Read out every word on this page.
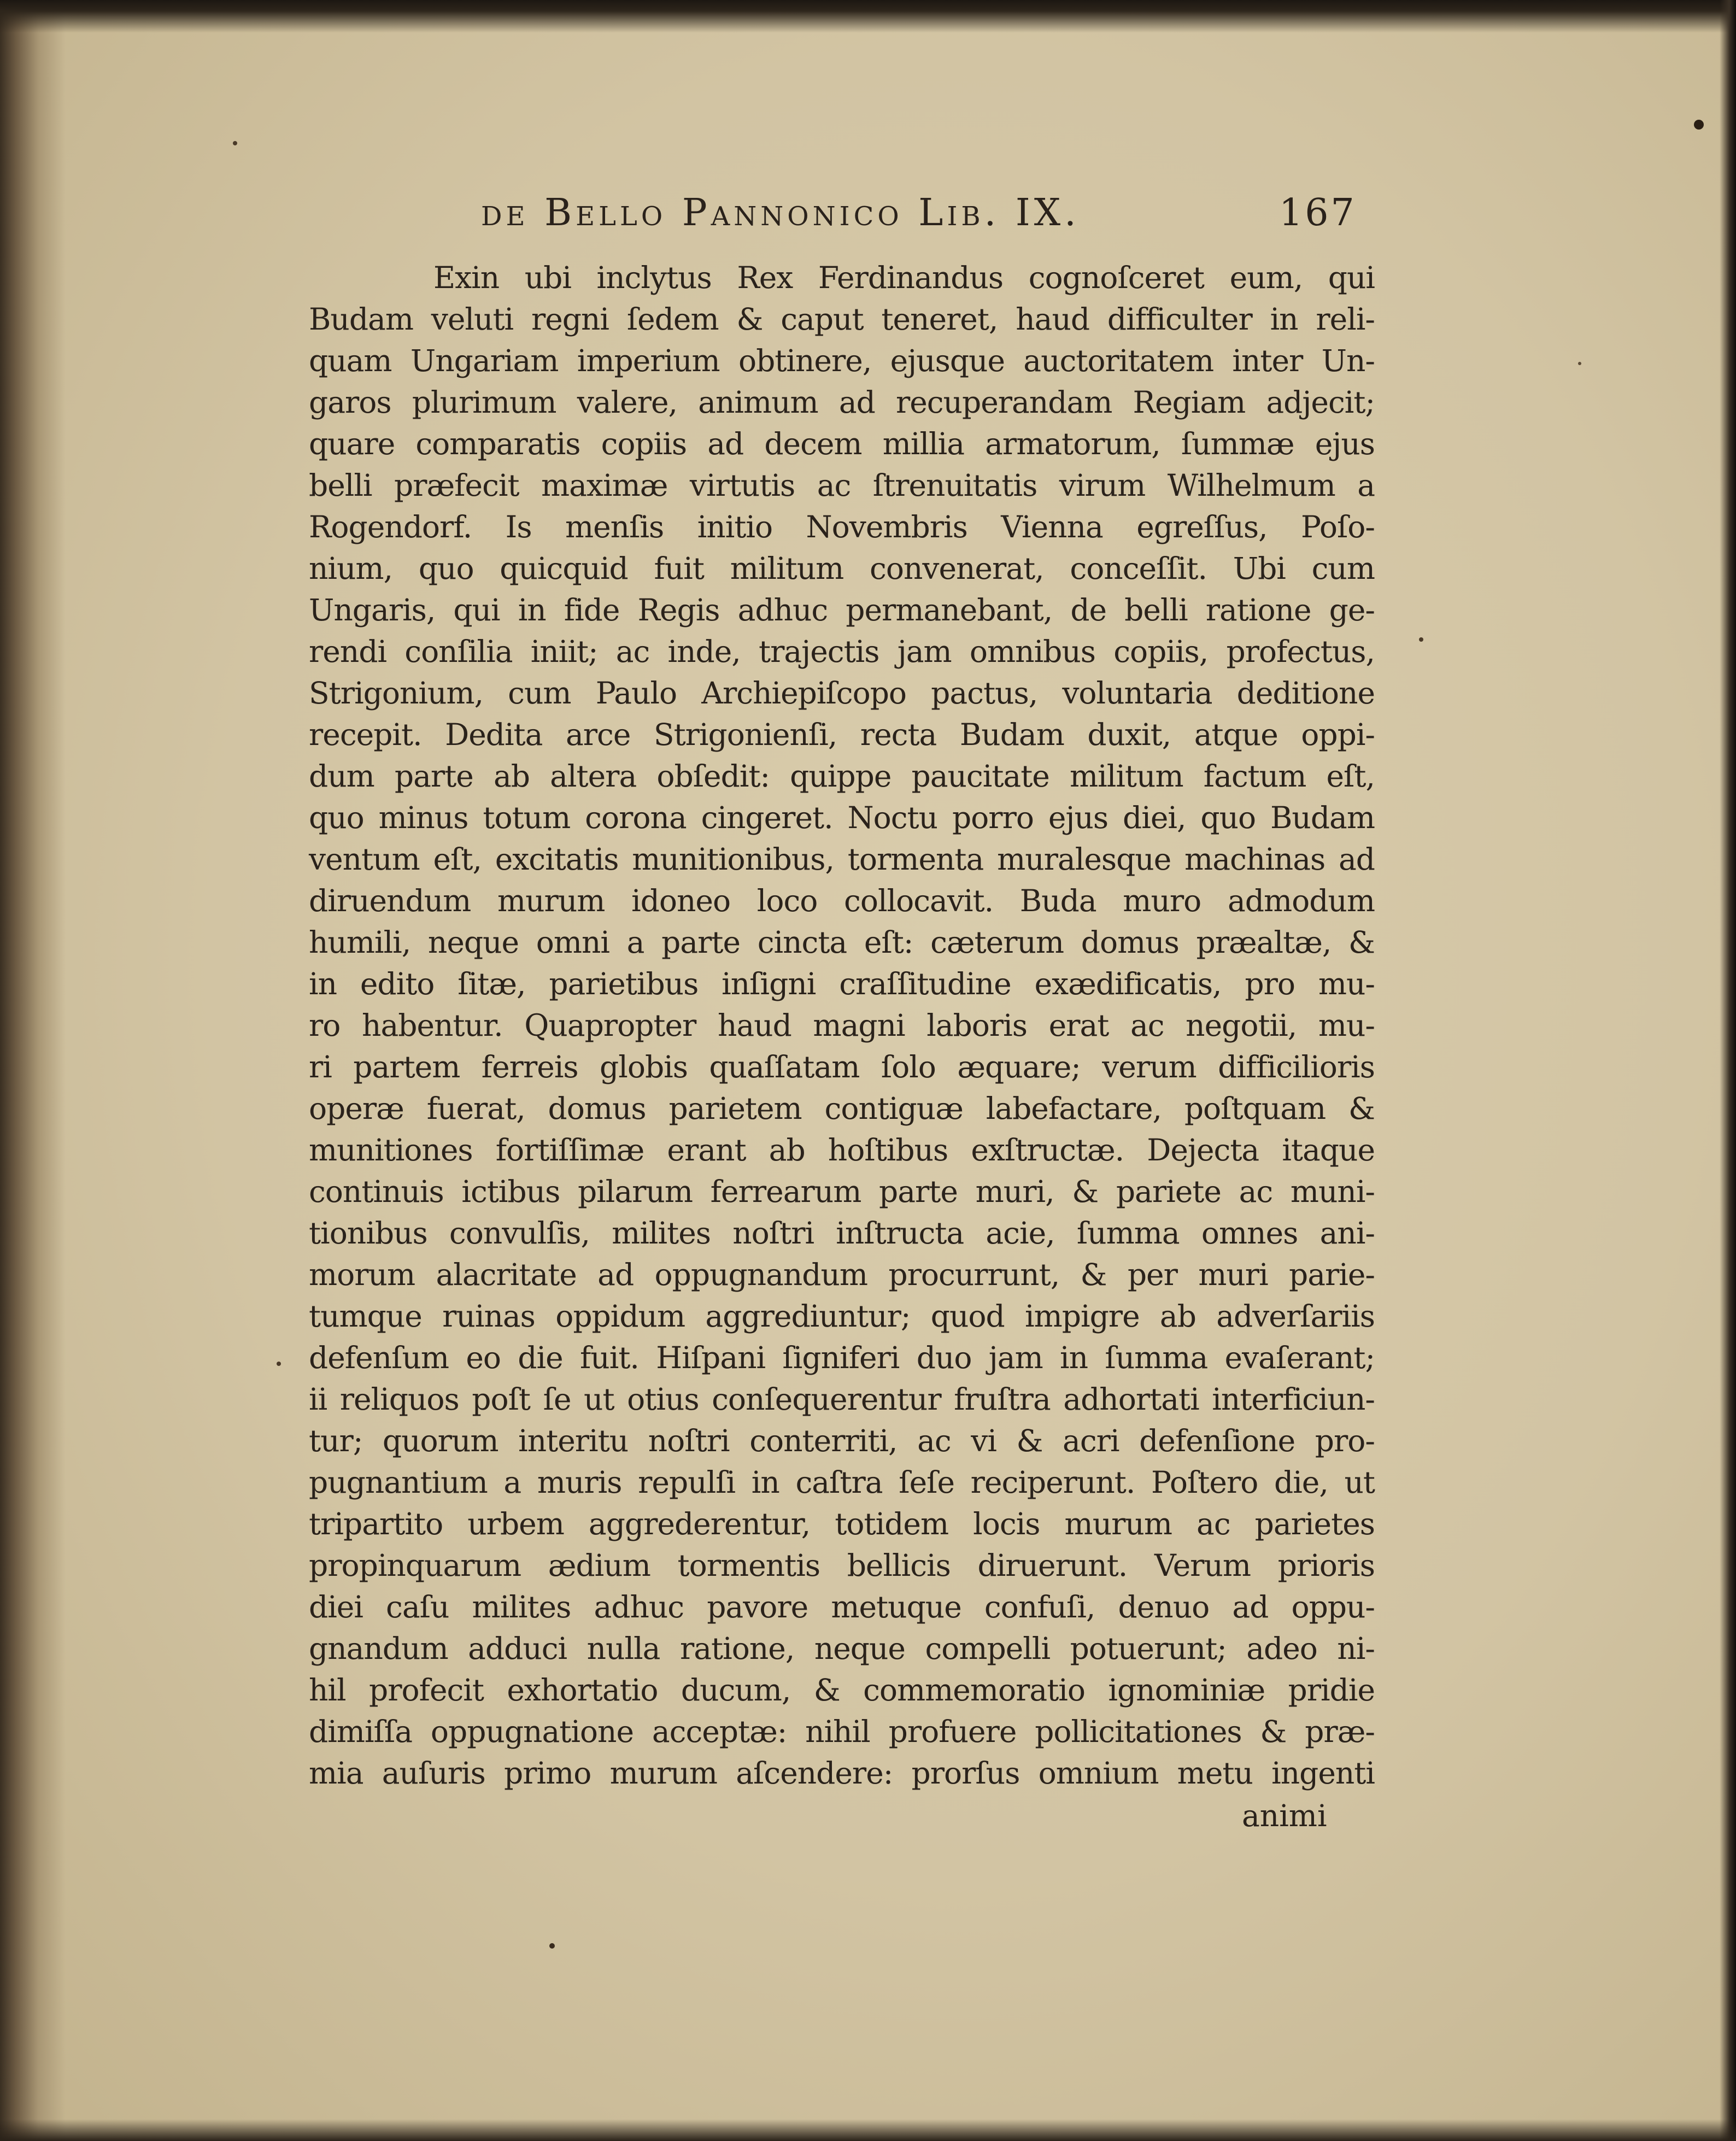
de Bello Pannonico Lib. IX.	167
Exin ubi inclytus Rex Ferdinandus cognoſceret eum, qui
Budam veluti regni ſedem & caput teneret, haud difficulter in reli-
quam Ungariam imperium obtinere, ejusque auctoritatem inter Un-
garos plurimum valere, animum ad recuperandam Regiam adjecit;
quare comparatis copiis ad decem millia armatorum, ſummæ ejus
belli præfecit maximæ virtutis ac ſtrenuitatis virum Wilhelmum a
Rogendorf. Is menſis initio Novembris Vienna egreſſus, Poſo-
nium, quo quicquid fuit militum convenerat, conceſſit. Ubi cum
Ungaris, qui in fide Regis adhuc permanebant, de belli ratione ge-
rendi conſilia iniit; ac inde, trajectis jam omnibus copiis, profectus,
Strigonium, cum Paulo Archiepiſcopo pactus, voluntaria deditione
recepit. Dedita arce Strigonienſi, recta Budam duxit, atque oppi-
dum parte ab altera obſedit: quippe paucitate militum factum eſt,
quo minus totum corona cingeret. Noctu porro ejus diei, quo Budam
ventum eſt, excitatis munitionibus, tormenta muralesque machinas ad
diruendum murum idoneo loco collocavit. Buda muro admodum
humili, neque omni a parte cincta eſt: cæterum domus præaltæ, &
in edito ſitæ, parietibus inſigni craſſitudine exædificatis, pro mu-
ro habentur. Quapropter haud magni laboris erat ac negotii, mu-
ri partem ferreis globis quaſſatam ſolo æquare; verum difficilioris
operæ fuerat, domus parietem contiguæ labefactare, poſtquam &
munitiones fortiſſimæ erant ab hoſtibus exſtructæ. Dejecta itaque
continuis ictibus pilarum ferrearum parte muri, & pariete ac muni-
tionibus convulſis, milites noſtri inſtructa acie, ſumma omnes ani-
morum alacritate ad oppugnandum procurrunt, & per muri parie-
tumque ruinas oppidum aggrediuntur; quod impigre ab adverſariis
defenſum eo die fuit. Hiſpani ſigniferi duo jam in ſumma evaſerant;
ii reliquos poſt ſe ut otius conſequerentur fruſtra adhortati interficiun-
tur; quorum interitu noſtri conterriti, ac vi & acri defenſione pro-
pugnantium a muris repulſi in caſtra ſeſe reciperunt. Poſtero die, ut
tripartito urbem aggrederentur, totidem locis murum ac parietes
propinquarum ædium tormentis bellicis diruerunt. Verum prioris
diei caſu milites adhuc pavore metuque confuſi, denuo ad oppu-
gnandum adduci nulla ratione, neque compelli potuerunt; adeo ni-
hil profecit exhortatio ducum, & commemoratio ignominiæ pridie
dimiſſa oppugnatione acceptæ: nihil profuere pollicitationes & præ-
mia auſuris primo murum aſcendere: prorſus omnium metu ingenti
animi
